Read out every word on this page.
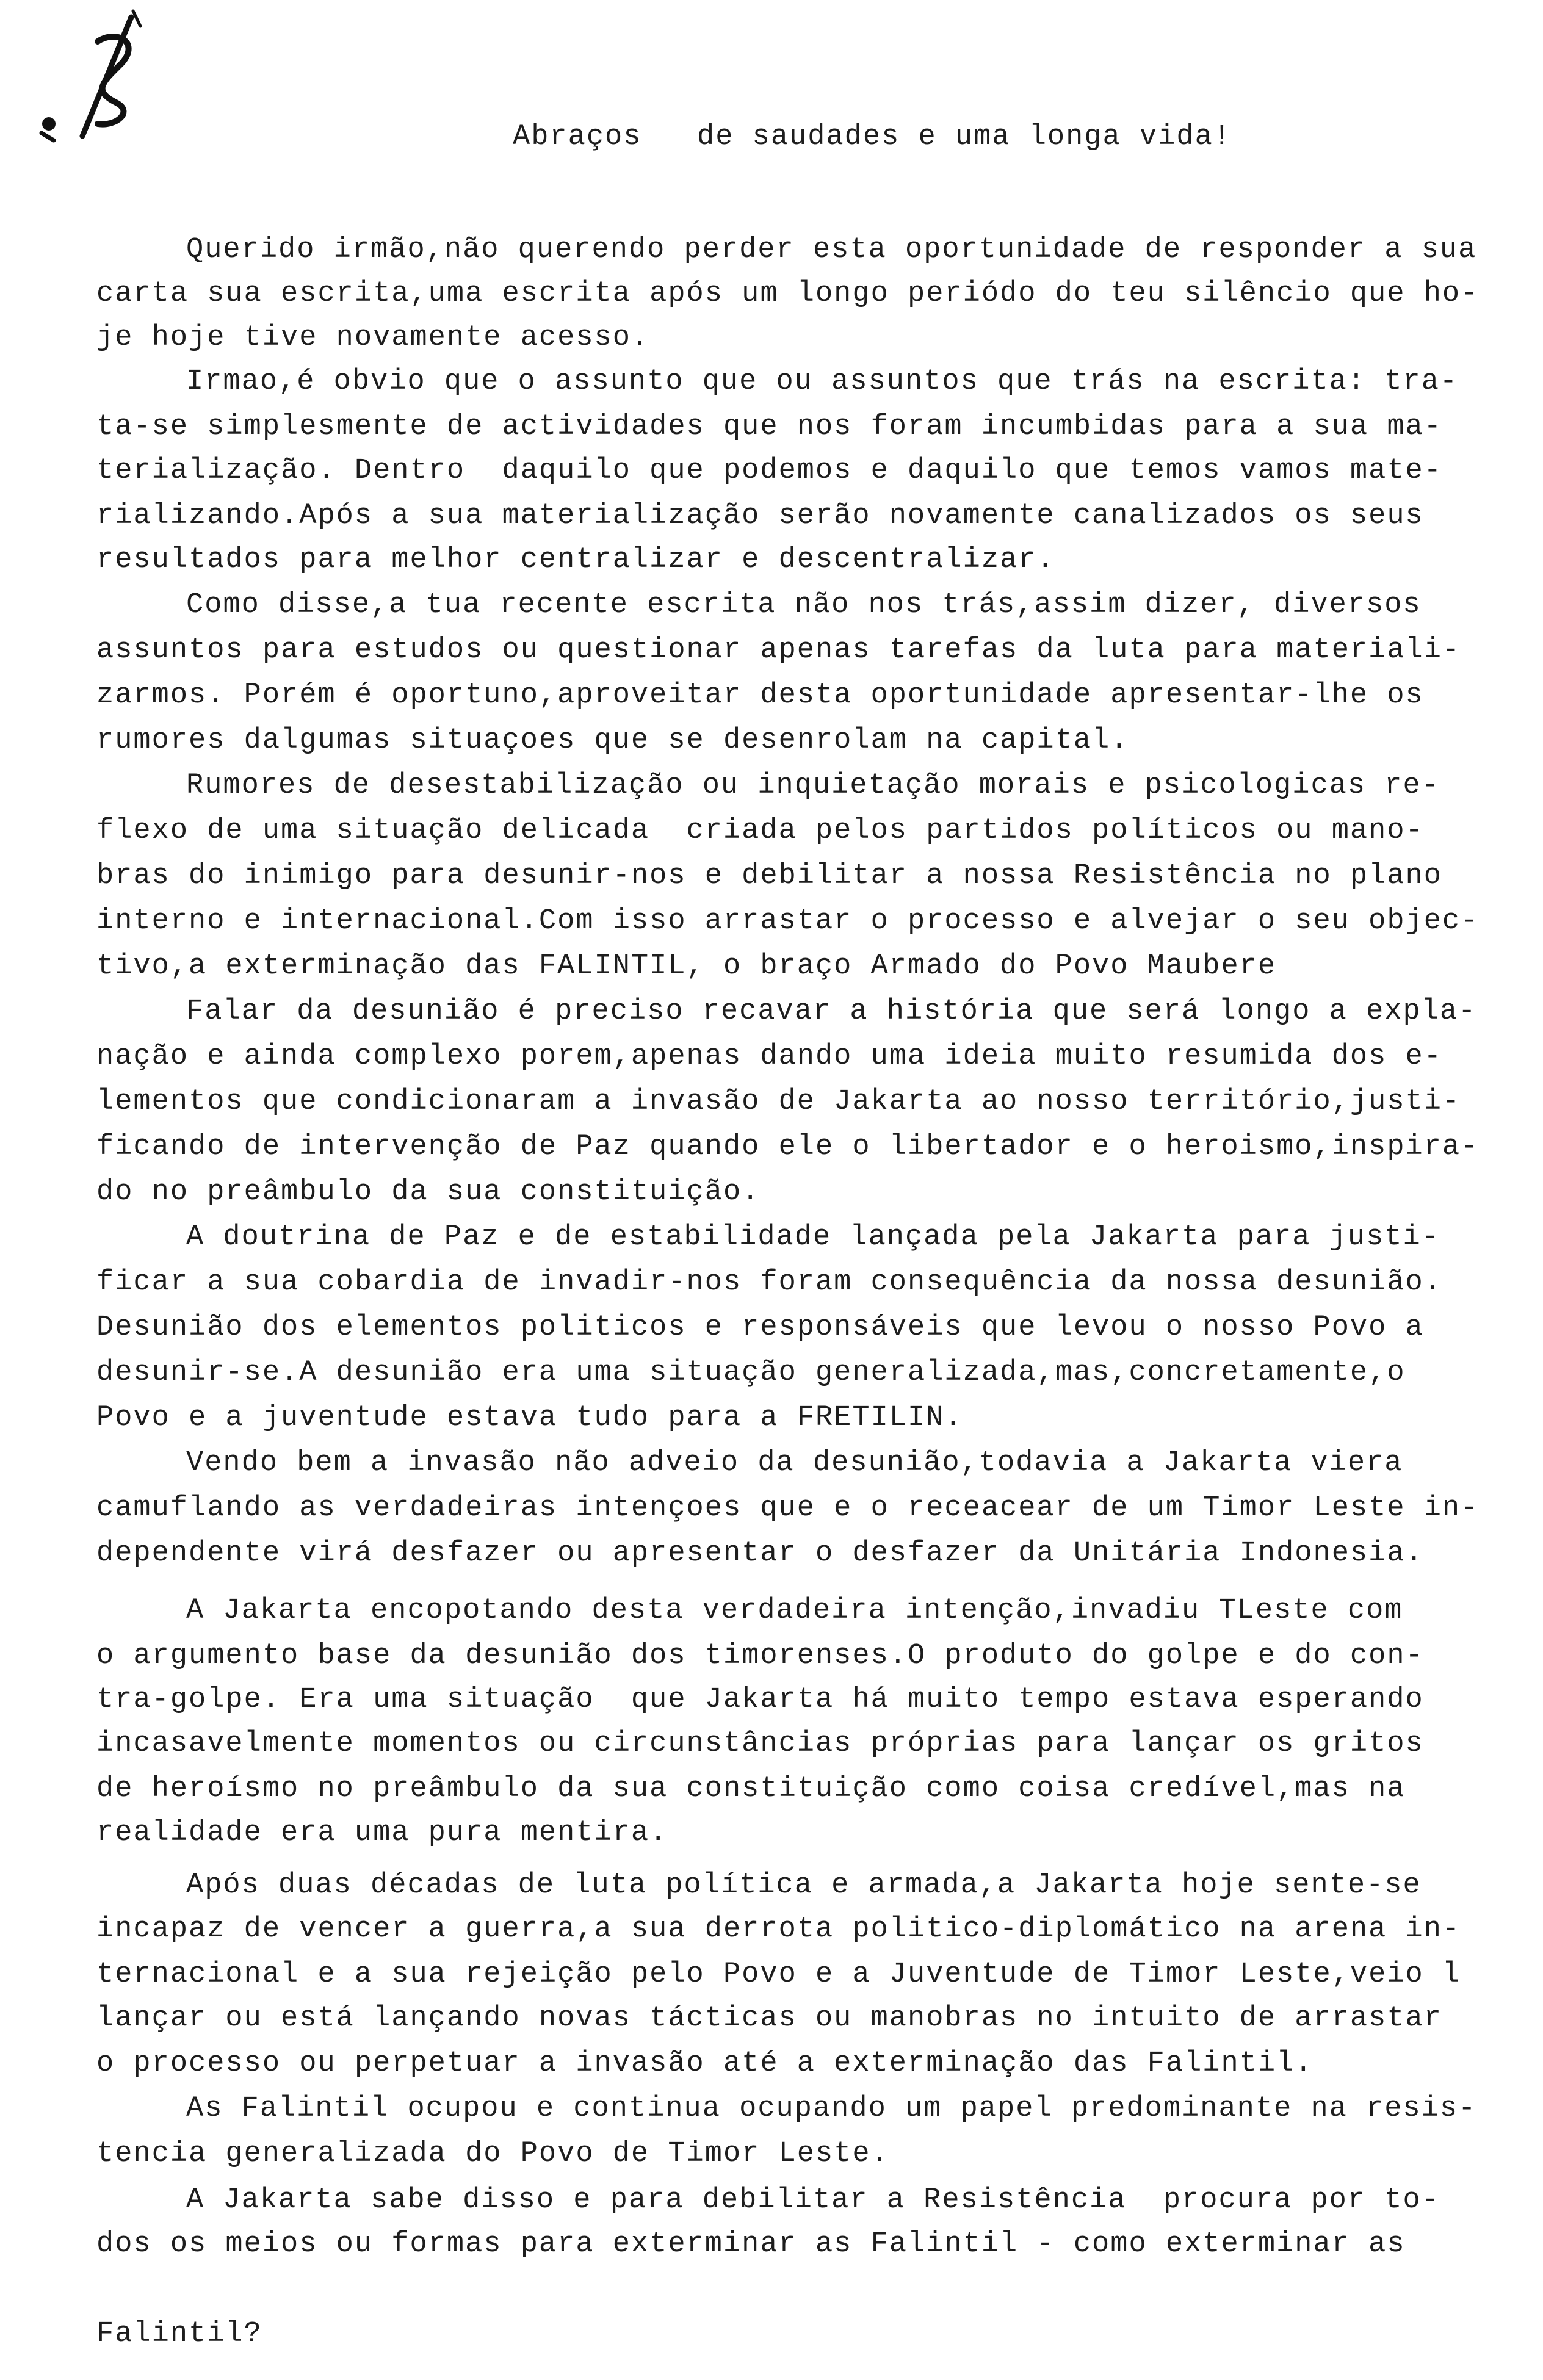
Abraços   de saudades e uma longa vida!
Querido irmão,não querendo perder esta oportunidade de responder a sua
carta sua escrita,uma escrita após um longo periódo do teu silêncio que ho-
je hoje tive novamente acesso.
Irmao,é obvio que o assunto que ou assuntos que trás na escrita: tra-
ta-se simplesmente de actividades que nos foram incumbidas para a sua ma-
terialização. Dentro  daquilo que podemos e daquilo que temos vamos mate-
rializando.Após a sua materialização serão novamente canalizados os seus
resultados para melhor centralizar e descentralizar.
Como disse,a tua recente escrita não nos trás,assim dizer, diversos
assuntos para estudos ou questionar apenas tarefas da luta para materiali-
zarmos. Porém é oportuno,aproveitar desta oportunidade apresentar-lhe os
rumores dalgumas situaçoes que se desenrolam na capital.
Rumores de desestabilização ou inquietação morais e psicologicas re-
flexo de uma situação delicada  criada pelos partidos políticos ou mano-
bras do inimigo para desunir-nos e debilitar a nossa Resistência no plano
interno e internacional.Com isso arrastar o processo e alvejar o seu objec-
tivo,a exterminação das FALINTIL, o braço Armado do Povo Maubere
Falar da desunião é preciso recavar a história que será longo a expla-
nação e ainda complexo porem,apenas dando uma ideia muito resumida dos e-
lementos que condicionaram a invasão de Jakarta ao nosso território,justi-
ficando de intervenção de Paz quando ele o libertador e o heroismo,inspira-
do no preâmbulo da sua constituição.
A doutrina de Paz e de estabilidade lançada pela Jakarta para justi-
ficar a sua cobardia de invadir-nos foram consequência da nossa desunião.
Desunião dos elementos politicos e responsáveis que levou o nosso Povo a
desunir-se.A desunião era uma situação generalizada,mas,concretamente,o
Povo e a juventude estava tudo para a FRETILIN.
Vendo bem a invasão não adveio da desunião,todavia a Jakarta viera
camuflando as verdadeiras intençoes que e o receacear de um Timor Leste in-
dependente virá desfazer ou apresentar o desfazer da Unitária Indonesia.
A Jakarta encopotando desta verdadeira intenção,invadiu TLeste com
o argumento base da desunião dos timorenses.O produto do golpe e do con-
tra-golpe. Era uma situação  que Jakarta há muito tempo estava esperando
incasavelmente momentos ou circunstâncias próprias para lançar os gritos
de heroísmo no preâmbulo da sua constituição como coisa credível,mas na
realidade era uma pura mentira.
Após duas décadas de luta política e armada,a Jakarta hoje sente-se
incapaz de vencer a guerra,a sua derrota politico-diplomático na arena in-
ternacional e a sua rejeição pelo Povo e a Juventude de Timor Leste,veio l
lançar ou está lançando novas tácticas ou manobras no intuito de arrastar
o processo ou perpetuar a invasão até a exterminação das Falintil.
As Falintil ocupou e continua ocupando um papel predominante na resis-
tencia generalizada do Povo de Timor Leste.
A Jakarta sabe disso e para debilitar a Resistência  procura por to-
dos os meios ou formas para exterminar as Falintil - como exterminar as
Falintil?
